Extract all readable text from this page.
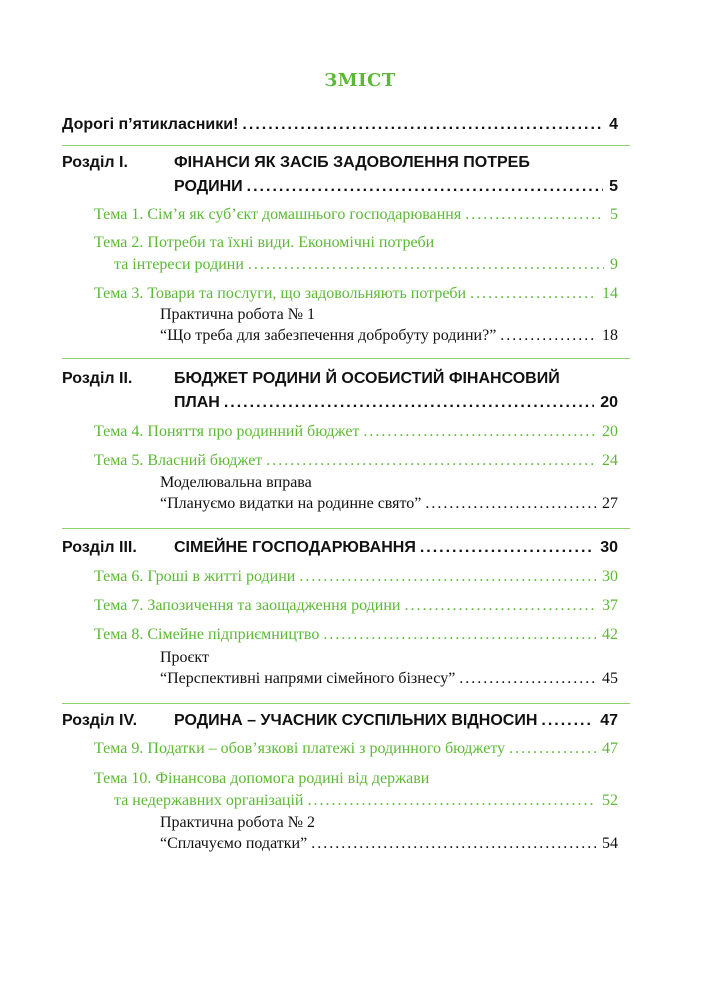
ЗМІСТ
Дорогі п’ятикласники! .....	4
Розділ І.	ФІНАНСИ ЯК ЗАСІБ ЗАДОВОЛЕННЯ ПОТРЕБ
РОДИНИ .....	5
Тема 1. Сім’я як суб’єкт домашнього господарювання .....	5
Тема 2. Потреби та їхні види. Економічні потреби
та інтереси родини .....	9
Тема 3. Товари та послуги, що задовольняють потреби .....	14
Практична робота № 1
“Що треба для забезпечення добробуту родини?” .....	18
Розділ ІІ.	БЮДЖЕТ РОДИНИ Й ОСОБИСТИЙ ФІНАНСОВИЙ
ПЛАН .....	20
Тема 4. Поняття про родинний бюджет .....	20
Тема 5. Власний бюджет .....	24
Моделювальна вправа
“Плануємо видатки на родинне свято” .....	27
Розділ ІІІ.	СІМЕЙНЕ ГОСПОДАРЮВАННЯ .....	30
Тема 6. Гроші в житті родини .....	30
Тема 7. Запозичення та заощадження родини .....	37
Тема 8. Сімейне підприємництво .....	42
Проєкт
“Перспективні напрями сімейного бізнесу” .....	45
Розділ IV.	РОДИНА – УЧАСНИК СУСПІЛЬНИХ ВІДНОСИН .....	47
Тема 9. Податки – обов’язкові платежі з родинного бюджету .....	47
Тема 10. Фінансова допомога родині від держави
та недержавних організацій .....	52
Практична робота № 2
“Сплачуємо податки” .....	54
